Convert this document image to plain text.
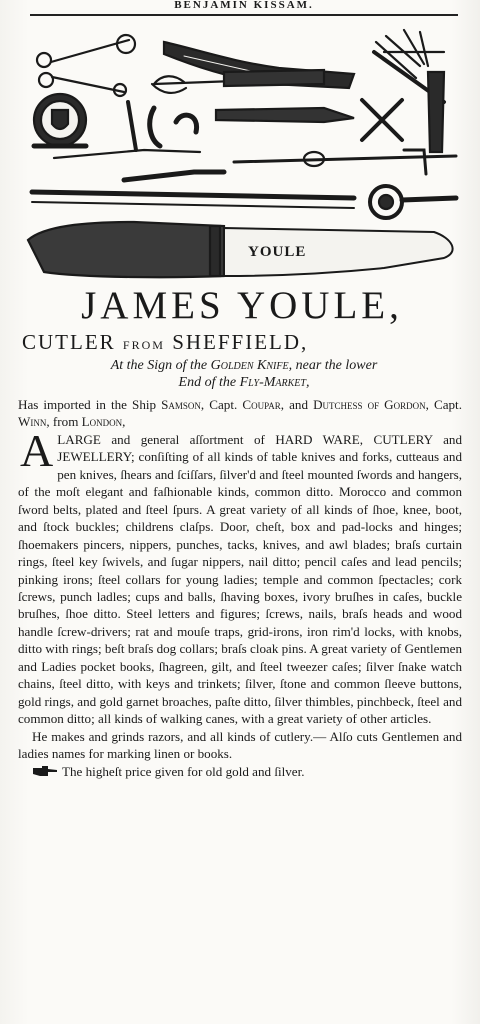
BENJAMIN KISSAM.
YOULE
JAMES YOULE,
CUTLER FROM SHEFFIELD,
At the Sign of the Golden Knife, near the lower
End of the Fly-Market,

Has imported in the Ship Samson, Capt. Coupar, and Dutchess of Gordon, Capt. Winn, from London,

A LARGE and general aſſortment of HARD WARE, CUTLERY and JEWELLERY; conſiſting of all kinds of table knives and forks, cutteaus and pen knives, ſhears and ſciſſars, ſilver'd and ſteel mounted ſwords and hangers, of the moſt elegant and faſhionable kinds, common ditto. Morocco and common ſword belts, plated and ſteel ſpurs. A great variety of all kinds of ſhoe, knee, boot, and ſtock buckles; childrens claſps. Door, cheſt, box and pad-locks and hinges; ſhoemakers pincers, nippers, punches, tacks, knives, and awl blades; braſs curtain rings, ſteel key ſwivels, and ſugar nippers, nail ditto; pencil caſes and lead pencils; pinking irons; ſteel collars for young ladies; temple and common ſpectacles; cork ſcrews, punch ladles; cups and balls, ſhaving boxes, ivory bruſhes in caſes, buckle bruſhes, ſhoe ditto. Steel letters and figures; ſcrews, nails, braſs heads and wood handle ſcrew-drivers; rat and mouſe traps, grid-irons, iron rim'd locks, with knobs, ditto with rings; beſt braſs dog collars; braſs cloak pins. A great variety of Gentlemen and Ladies pocket books, ſhagreen, gilt, and ſteel tweezer caſes; ſilver ſnake watch chains, ſteel ditto, with keys and trinkets; ſilver, ſtone and common ſleeve buttons, gold rings, and gold garnet broaches, paſte ditto, ſilver thimbles, pinchbeck, ſteel and common ditto; all kinds of walking canes, with a great variety of other articles.

He makes and grinds razors, and all kinds of cutlery.— Alſo cuts Gentlemen and ladies names for marking linen or books.

The higheſt price given for old gold and ſilver.
